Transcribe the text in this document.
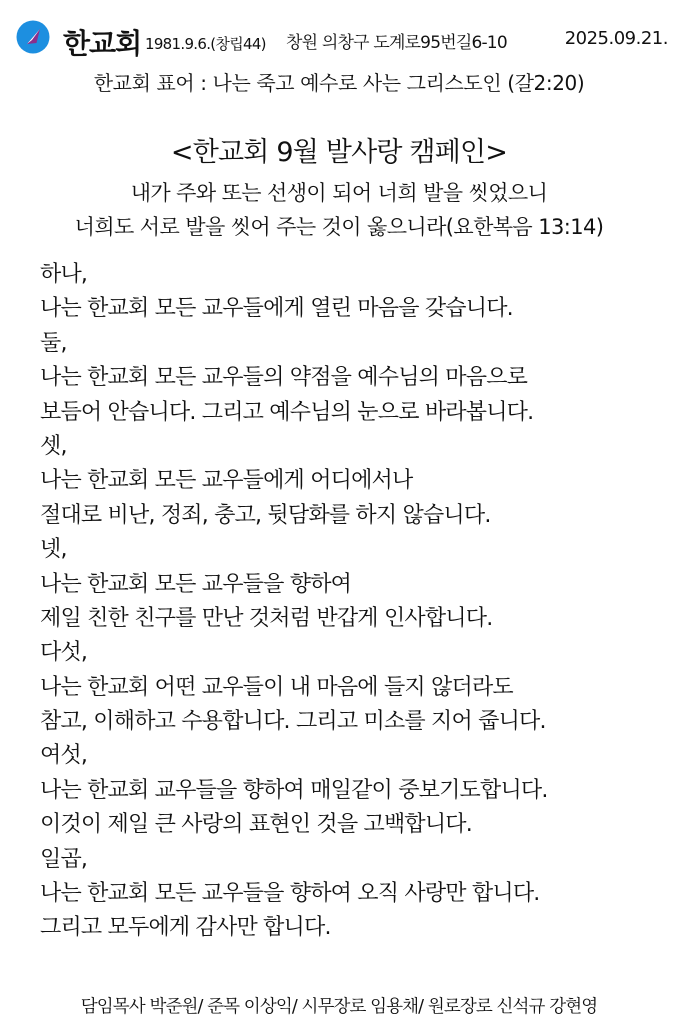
한교회 1981.9.6.(창립44) 창원 의창구 도계로95번길6-10	2025.09.21.
한교회 표어 : 나는 죽고 예수로 사는 그리스도인 (갈2:20)
<한교회 9월 발사랑 캠페인>
내가 주와 또는 선생이 되어 너희 발을 씻었으니
너희도 서로 발을 씻어 주는 것이 옳으니라(요한복음 13:14)
하나,
나는 한교회 모든 교우들에게 열린 마음을 갖습니다.
둘,
나는 한교회 모든 교우들의 약점을 예수님의 마음으로
보듬어 안습니다. 그리고 예수님의 눈으로 바라봅니다.
셋,
나는 한교회 모든 교우들에게 어디에서나
절대로 비난, 정죄, 충고, 뒷담화를 하지 않습니다.
넷,
나는 한교회 모든 교우들을 향하여
제일 친한 친구를 만난 것처럼 반갑게 인사합니다.
다섯,
나는 한교회 어떤 교우들이 내 마음에 들지 않더라도
참고, 이해하고 수용합니다. 그리고 미소를 지어 줍니다.
여섯,
나는 한교회 교우들을 향하여 매일같이 중보기도합니다.
이것이 제일 큰 사랑의 표현인 것을 고백합니다.
일곱,
나는 한교회 모든 교우들을 향하여 오직 사랑만 합니다.
그리고 모두에게 감사만 합니다.
담임목사 박준원/ 준목 이상익/ 시무장로 임용채/ 원로장로 신석규 강현영
